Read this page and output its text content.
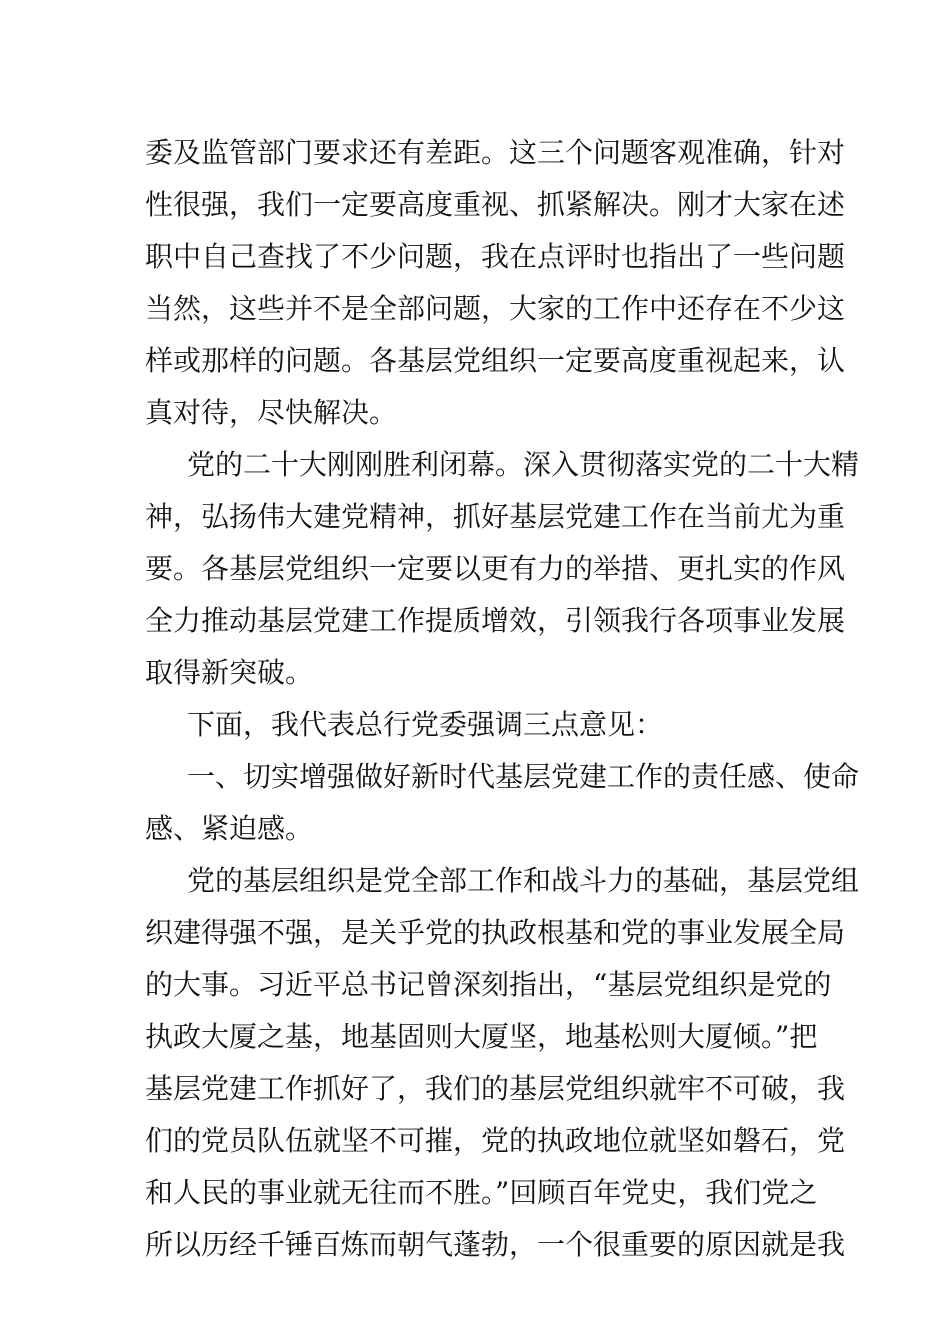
委及监管部门要求还有差距。这三个问题客观准确，针对
性很强，我们一定要高度重视、抓紧解决。刚才大家在述
职中自己查找了不少问题，我在点评时也指出了一些问题
当然，这些并不是全部问题，大家的工作中还存在不少这
样或那样的问题。各基层党组织一定要高度重视起来，认
真对待，尽快解决。
党的二十大刚刚胜利闭幕。深入贯彻落实党的二十大精
神，弘扬伟大建党精神，抓好基层党建工作在当前尤为重
要。各基层党组织一定要以更有力的举措、更扎实的作风
全力推动基层党建工作提质增效，引领我行各项事业发展
取得新突破。
下面，我代表总行党委强调三点意见：
一、切实增强做好新时代基层党建工作的责任感、使命
感、紧迫感。
党的基层组织是党全部工作和战斗力的基础，基层党组
织建得强不强，是关乎党的执政根基和党的事业发展全局
的大事。习近平总书记曾深刻指出，“基层党组织是党的
执政大厦之基，地基固则大厦坚，地基松则大厦倾。”把
基层党建工作抓好了，我们的基层党组织就牢不可破，我
们的党员队伍就坚不可摧，党的执政地位就坚如磐石，党
和人民的事业就无往而不胜。”回顾百年党史，我们党之
所以历经千锤百炼而朝气蓬勃，一个很重要的原因就是我
